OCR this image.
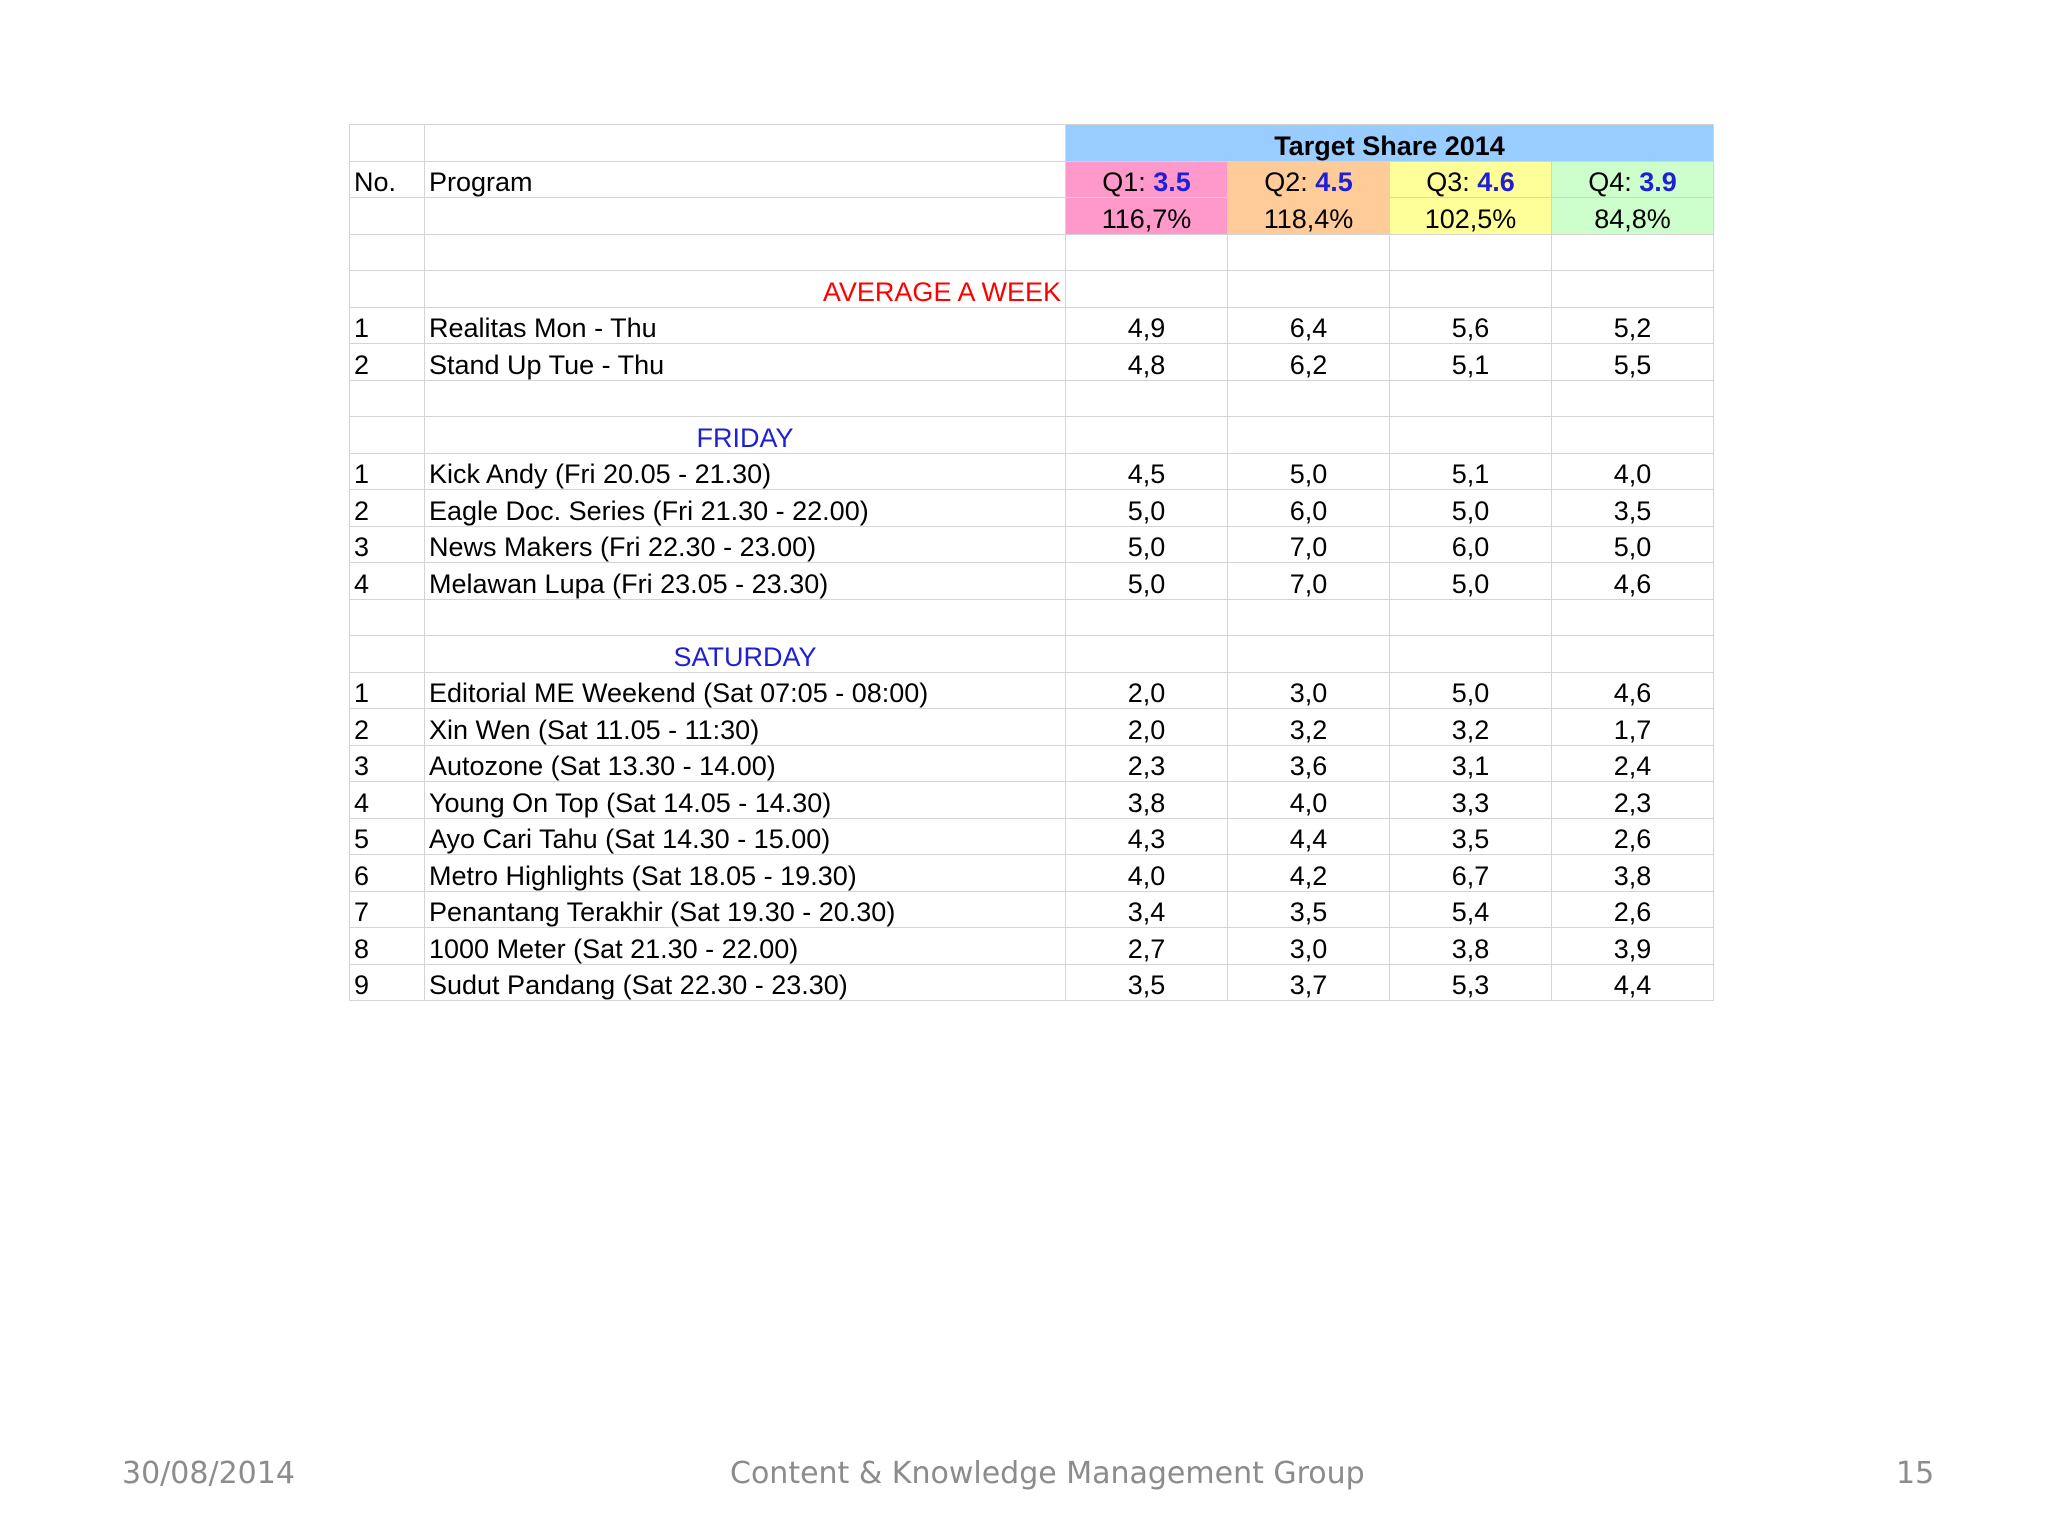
		Target Share 2014			
No.	Program	Q1: 3.5	Q2: 4.5	Q3: 4.6	Q4: 3.9
		116,7%	118,4%	102,5%	84,8%

	AVERAGE A WEEK				
1	Realitas Mon - Thu	4,9	6,4	5,6	5,2
2	Stand Up Tue - Thu	4,8	6,2	5,1	5,5

	FRIDAY				
1	Kick Andy (Fri 20.05 - 21.30)	4,5	5,0	5,1	4,0
2	Eagle Doc. Series (Fri 21.30 - 22.00)	5,0	6,0	5,0	3,5
3	News Makers (Fri 22.30 - 23.00)	5,0	7,0	6,0	5,0
4	Melawan Lupa (Fri 23.05 - 23.30)	5,0	7,0	5,0	4,6

	SATURDAY				
1	Editorial ME Weekend (Sat 07:05 - 08:00)	2,0	3,0	5,0	4,6
2	Xin Wen (Sat 11.05 - 11:30)	2,0	3,2	3,2	1,7
3	Autozone (Sat 13.30 - 14.00)	2,3	3,6	3,1	2,4
4	Young On Top (Sat 14.05 - 14.30)	3,8	4,0	3,3	2,3
5	Ayo Cari Tahu (Sat 14.30 - 15.00)	4,3	4,4	3,5	2,6
6	Metro Highlights (Sat 18.05 - 19.30)	4,0	4,2	6,7	3,8
7	Penantang Terakhir (Sat 19.30 - 20.30)	3,4	3,5	5,4	2,6
8	1000 Meter (Sat 21.30 - 22.00)	2,7	3,0	3,8	3,9
9	Sudut Pandang (Sat 22.30 - 23.30)	3,5	3,7	5,3	4,4
30/08/2014	Content & Knowledge Management Group	15
